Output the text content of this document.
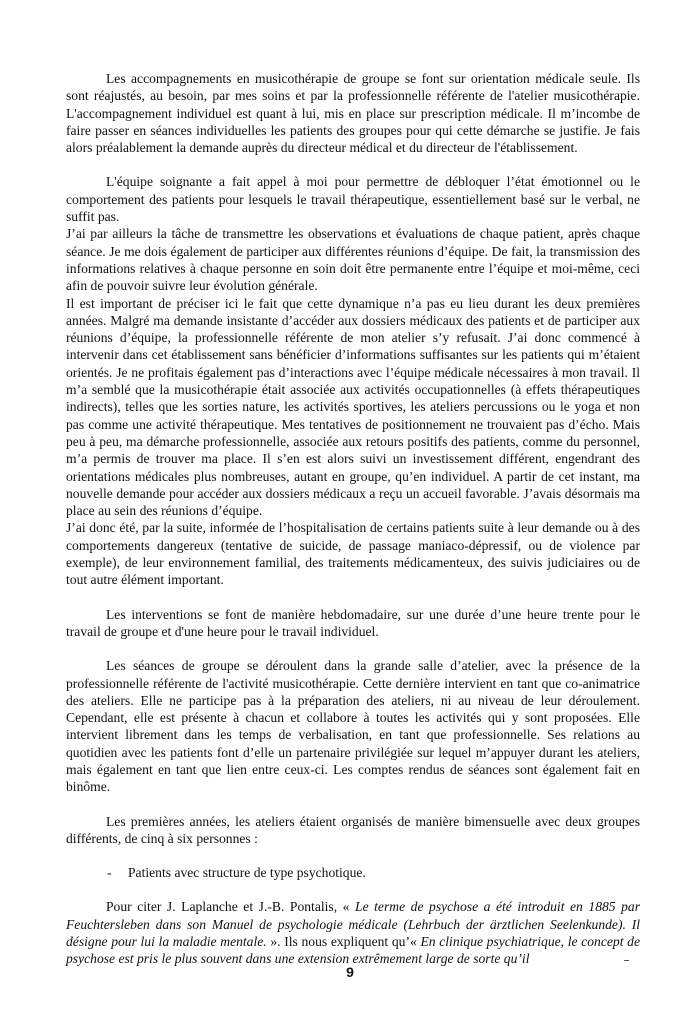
Les accompagnements en musicothérapie de groupe se font sur orientation médicale seule. Ils sont réajustés, au besoin, par mes soins et par la professionnelle référente de l'atelier musicothérapie. L'accompagnement individuel est quant à lui, mis en place sur prescription médicale. Il m’incombe de faire passer en séances individuelles les patients des groupes pour qui cette démarche se justifie. Je fais alors préalablement la demande auprès du directeur médical et du directeur de l'établissement.

L'équipe soignante a fait appel à moi pour permettre de débloquer l’état émotionnel ou le comportement des patients pour lesquels le travail thérapeutique, essentiellement basé sur le verbal, ne suffit pas.

J’ai par ailleurs la tâche de transmettre les observations et évaluations de chaque patient, après chaque séance. Je me dois également de participer aux différentes réunions d’équipe. De fait, la transmission des informations relatives à chaque personne en soin doit être permanente entre l’équipe et moi-même, ceci afin de pouvoir suivre leur évolution générale.

Il est important de préciser ici le fait que cette dynamique n’a pas eu lieu durant les deux premières années. Malgré ma demande insistante d’accéder aux dossiers médicaux des patients et de participer aux réunions d’équipe, la professionnelle référente de mon atelier s’y refusait. J’ai donc commencé à intervenir dans cet établissement sans bénéficier d’informations suffisantes sur les patients qui m’étaient orientés. Je ne profitais également pas d’interactions avec l’équipe médicale nécessaires à mon travail. Il m’a semblé que la musicothérapie était associée aux activités occupationnelles (à effets thérapeutiques indirects), telles que les sorties nature, les activités sportives, les ateliers percussions ou le yoga et non pas comme une activité thérapeutique. Mes tentatives de positionnement ne trouvaient pas d’écho. Mais peu à peu, ma démarche professionnelle, associée aux retours positifs des patients, comme du personnel, m’a permis de trouver ma place. Il s’en est alors suivi un investissement différent, engendrant des orientations médicales plus nombreuses, autant en groupe, qu’en individuel. A partir de cet instant, ma nouvelle demande pour accéder aux dossiers médicaux a reçu un accueil favorable. J’avais désormais ma place au sein des réunions d’équipe.

J’ai donc été, par la suite, informée de l’hospitalisation de certains patients suite à leur demande ou à des comportements dangereux (tentative de suicide, de passage maniaco-dépressif, ou de violence par exemple), de leur environnement familial, des traitements médicamenteux, des suivis judiciaires ou de tout autre élément important.

Les interventions se font de manière hebdomadaire, sur une durée d’une heure trente pour le travail de groupe et d'une heure pour le travail individuel.

Les séances de groupe se déroulent dans la grande salle d’atelier, avec la présence de la professionnelle référente de l'activité musicothérapie. Cette dernière intervient en tant que co-animatrice des ateliers. Elle ne participe pas à la préparation des ateliers, ni au niveau de leur déroulement. Cependant, elle est présente à chacun et collabore à toutes les activités qui y sont proposées. Elle intervient librement dans les temps de verbalisation, en tant que professionnelle. Ses relations au quotidien avec les patients font d’elle un partenaire privilégiée sur lequel m’appuyer durant les ateliers, mais également en tant que lien entre ceux-ci. Les comptes rendus de séances sont également fait en binôme.

Les premières années, les ateliers étaient organisés de manière bimensuelle avec deux groupes différents, de cinq à six personnes :

- Patients avec structure de type psychotique.

Pour citer J. Laplanche et J.-B. Pontalis, « Le terme de psychose a été introduit en 1885 par Feuchtersleben dans son Manuel de psychologie médicale (Lehrbuch der ärztlichen Seelenkunde). Il désigne pour lui la maladie mentale. ». Ils nous expliquent qu’« En clinique psychiatrique, le concept de psychose est pris le plus souvent dans une extension extrêmement large de sorte qu’il

9
